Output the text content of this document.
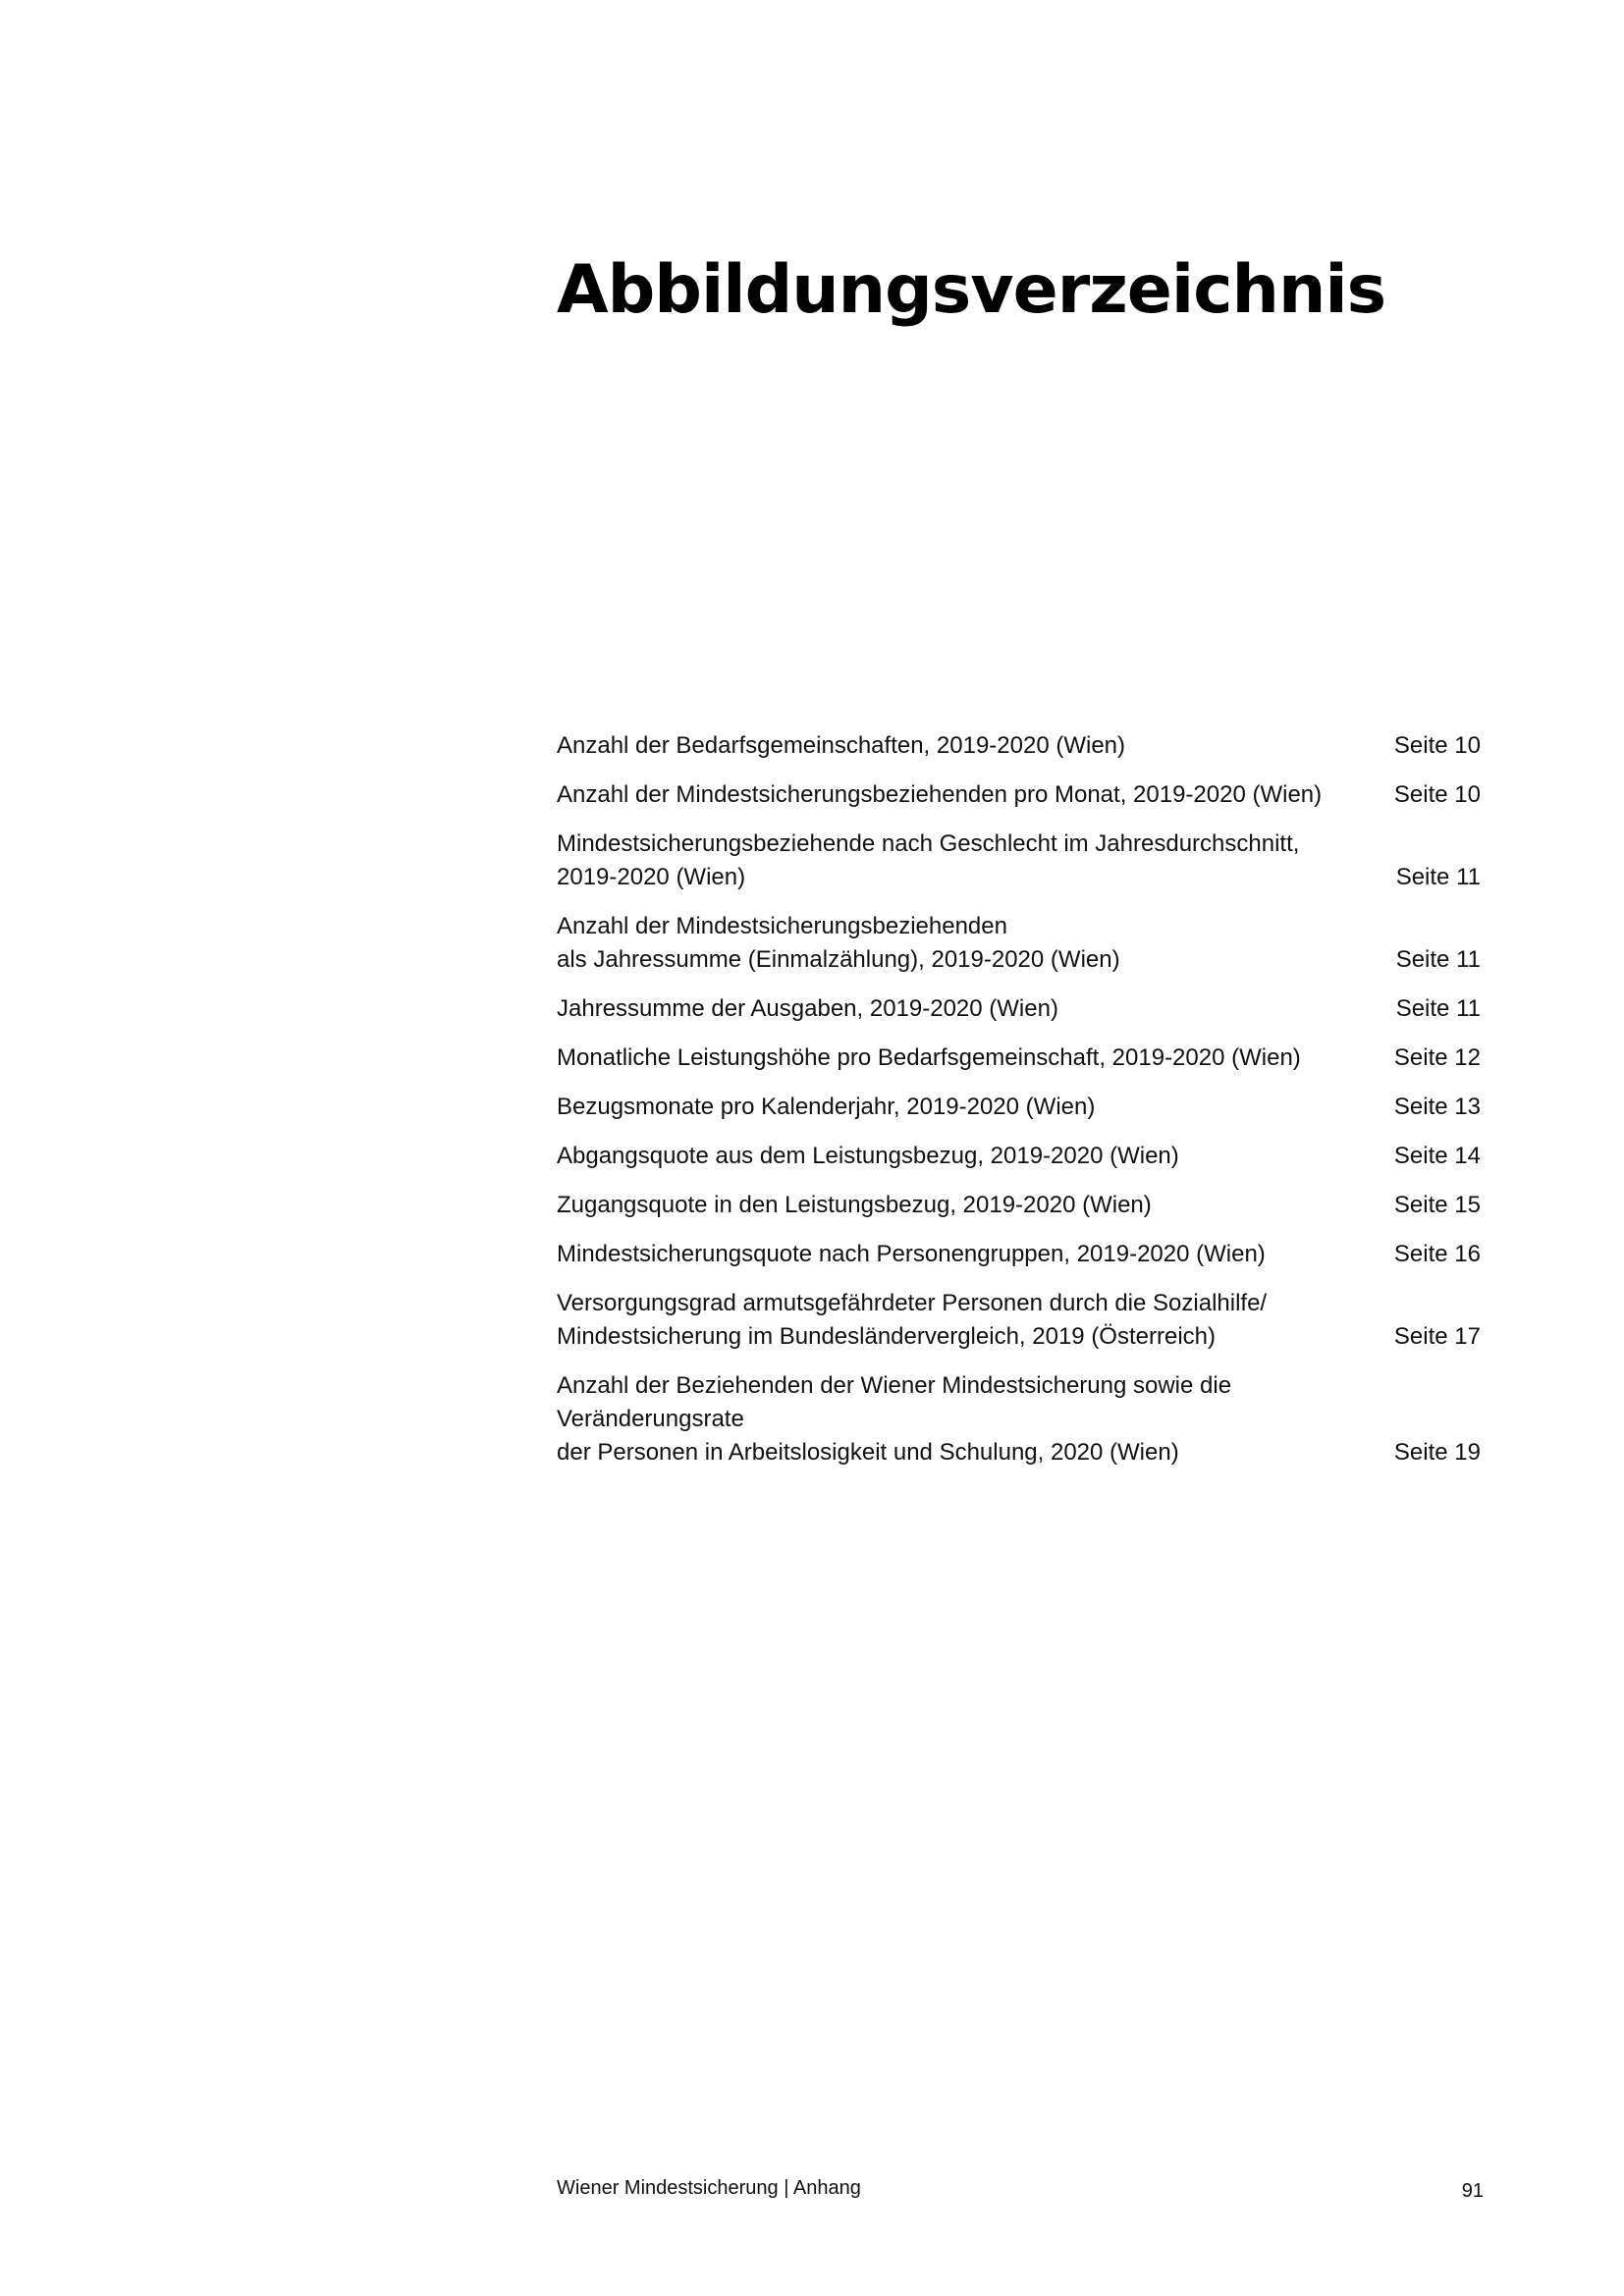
Abbildungsverzeichnis
Anzahl der Bedarfsgemeinschaften, 2019-2020 (Wien)	Seite 10
Anzahl der Mindestsicherungsbeziehenden pro Monat, 2019-2020 (Wien)	Seite 10
Mindestsicherungsbeziehende nach Geschlecht im Jahresdurchschnitt,
2019-2020 (Wien)	Seite 11
Anzahl der Mindestsicherungsbeziehenden
als Jahressumme (Einmalzählung), 2019-2020 (Wien)	Seite 11
Jahressumme der Ausgaben, 2019-2020 (Wien)	Seite 11
Monatliche Leistungshöhe pro Bedarfsgemeinschaft, 2019-2020 (Wien)	Seite 12
Bezugsmonate pro Kalenderjahr, 2019-2020 (Wien)	Seite 13
Abgangsquote aus dem Leistungsbezug, 2019-2020 (Wien)	Seite 14
Zugangsquote in den Leistungsbezug, 2019-2020 (Wien)	Seite 15
Mindestsicherungsquote nach Personengruppen, 2019-2020 (Wien)	Seite 16
Versorgungsgrad armutsgefährdeter Personen durch die Sozialhilfe/
Mindestsicherung im Bundesländervergleich, 2019 (Österreich)	Seite 17
Anzahl der Beziehenden der Wiener Mindestsicherung sowie die Veränderungsrate
der Personen in Arbeitslosigkeit und Schulung, 2020 (Wien)	Seite 19
Wiener Mindestsicherung | Anhang	91
